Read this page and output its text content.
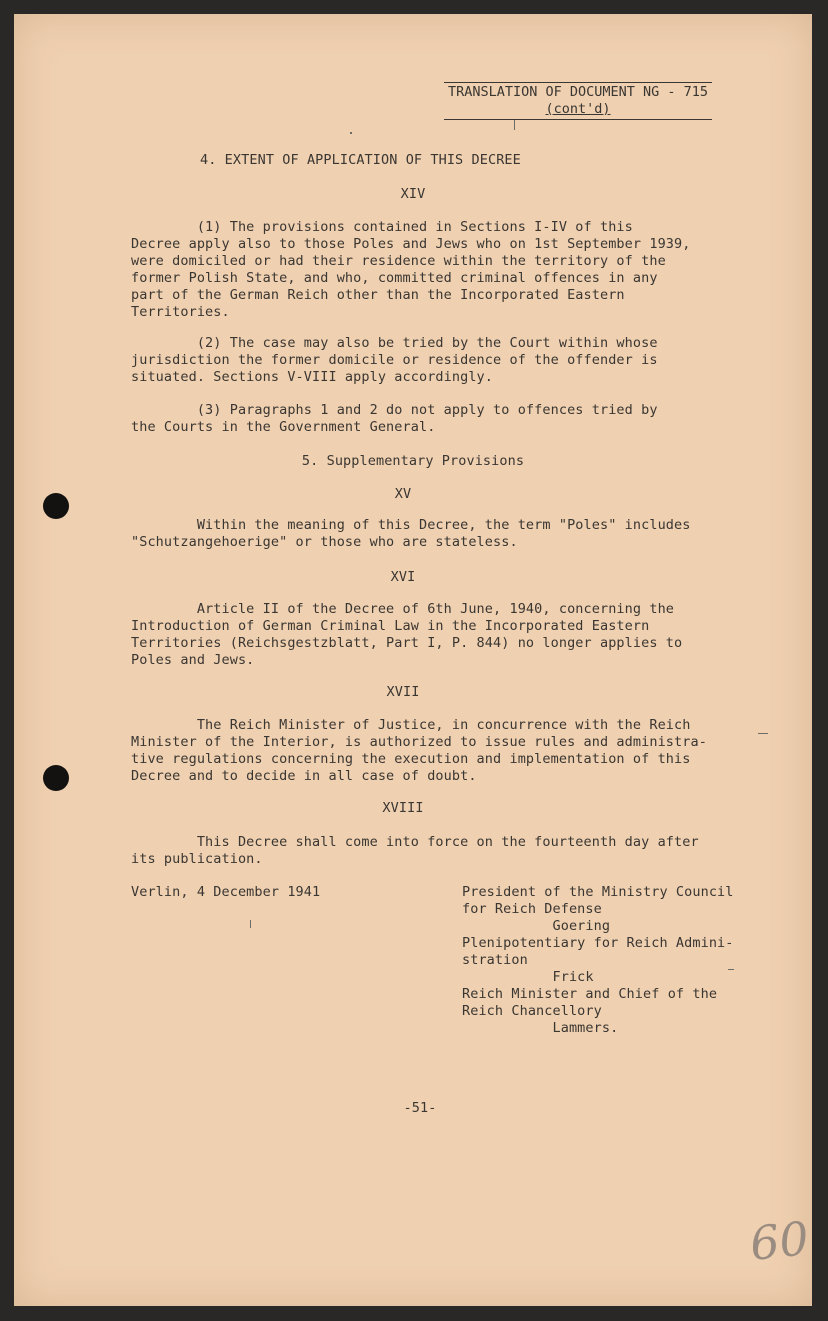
TRANSLATION OF DOCUMENT NG - 715
(cont'd)
4. EXTENT OF APPLICATION OF THIS DECREE
XIV
(1) The provisions contained in Sections I-IV of this
Decree apply also to those Poles and Jews who on 1st September 1939,
were domiciled or had their residence within the territory of the
former Polish State, and who, committed criminal offences in any
part of the German Reich other than the Incorporated Eastern
Territories.
(2) The case may also be tried by the Court within whose
jurisdiction the former domicile or residence of the offender is
situated. Sections V-VIII apply accordingly.
(3) Paragraphs 1 and 2 do not apply to offences tried by
the Courts in the Government General.
5. Supplementary Provisions
XV
Within the meaning of this Decree, the term "Poles" includes
"Schutzangehoerige" or those who are stateless.
XVI
Article II of the Decree of 6th June, 1940, concerning the
Introduction of German Criminal Law in the Incorporated Eastern
Territories (Reichsgestzblatt, Part I, P. 844) no longer applies to
Poles and Jews.
XVII
The Reich Minister of Justice, in concurrence with the Reich
Minister of the Interior, is authorized to issue rules and administra-
tive regulations concerning the execution and implementation of this
Decree and to decide in all case of doubt.
XVIII
This Decree shall come into force on the fourteenth day after
its publication.
Verlin, 4 December 1941	President of the Ministry Council
for Reich Defense
Goering
Plenipotentiary for Reich Admini-
stration
Frick
Reich Minister and Chief of the
Reich Chancellory
Lammers.
-51-
60
